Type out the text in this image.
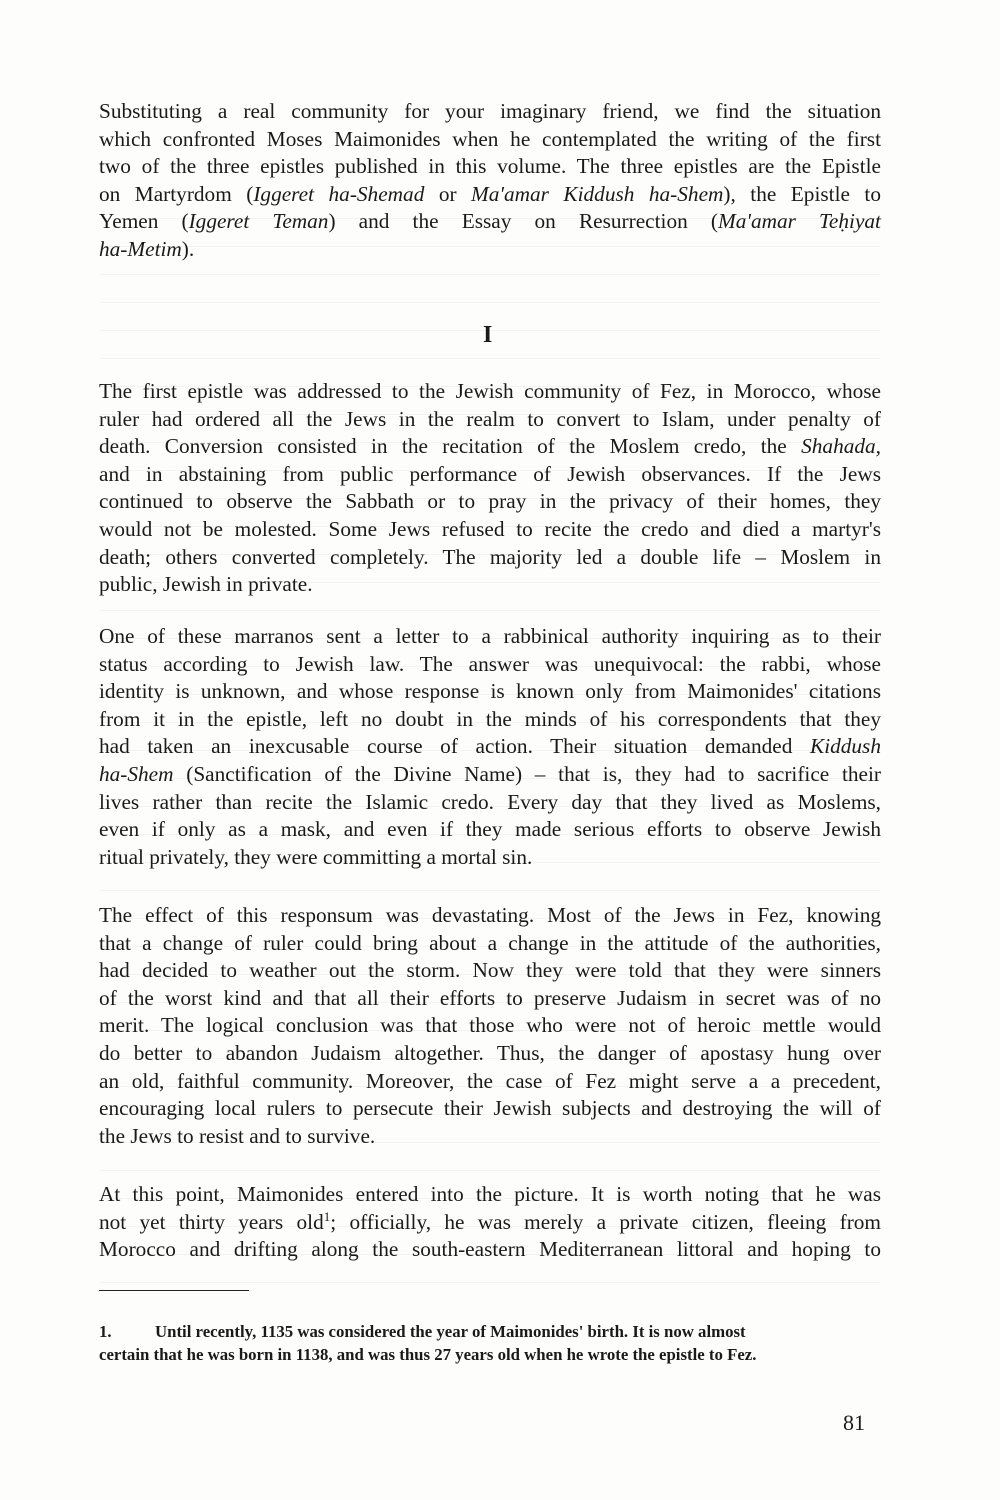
Substituting a real community for your imaginary friend, we find the situation

which confronted Moses Maimonides when he contemplated the writing of the first

two of the three epistles published in this volume. The three epistles are the Epistle

on Martyrdom (Iggeret ha-Shemad or Ma'amar Kiddush ha-Shem), the Epistle to

Yemen (Iggeret Teman) and the Essay on Resurrection (Ma'amar Teḥiyat

ha-Metim).

I

The first epistle was addressed to the Jewish community of Fez, in Morocco, whose

ruler had ordered all the Jews in the realm to convert to Islam, under penalty of

death. Conversion consisted in the recitation of the Moslem credo, the Shahada,

and in abstaining from public performance of Jewish observances. If the Jews

continued to observe the Sabbath or to pray in the privacy of their homes, they

would not be molested. Some Jews refused to recite the credo and died a martyr's

death; others converted completely. The majority led a double life – Moslem in

public, Jewish in private.

One of these marranos sent a letter to a rabbinical authority inquiring as to their

status according to Jewish law. The answer was unequivocal: the rabbi, whose

identity is unknown, and whose response is known only from Maimonides' citations

from it in the epistle, left no doubt in the minds of his correspondents that they

had taken an inexcusable course of action. Their situation demanded Kiddush

ha-Shem (Sanctification of the Divine Name) – that is, they had to sacrifice their

lives rather than recite the Islamic credo. Every day that they lived as Moslems,

even if only as a mask, and even if they made serious efforts to observe Jewish

ritual privately, they were committing a mortal sin.

The effect of this responsum was devastating. Most of the Jews in Fez, knowing

that a change of ruler could bring about a change in the attitude of the authorities,

had decided to weather out the storm. Now they were told that they were sinners

of the worst kind and that all their efforts to preserve Judaism in secret was of no

merit. The logical conclusion was that those who were not of heroic mettle would

do better to abandon Judaism altogether. Thus, the danger of apostasy hung over

an old, faithful community. Moreover, the case of Fez might serve a a precedent,

encouraging local rulers to persecute their Jewish subjects and destroying the will of

the Jews to resist and to survive.

At this point, Maimonides entered into the picture. It is worth noting that he was

not yet thirty years old$^1$; officially, he was merely a private citizen, fleeing from

Morocco and drifting along the south-eastern Mediterranean littoral and hoping to

1.	Until recently, 1135 was considered the year of Maimonides' birth. It is now almost

certain that he was born in 1138, and was thus 27 years old when he wrote the epistle to Fez.

81
